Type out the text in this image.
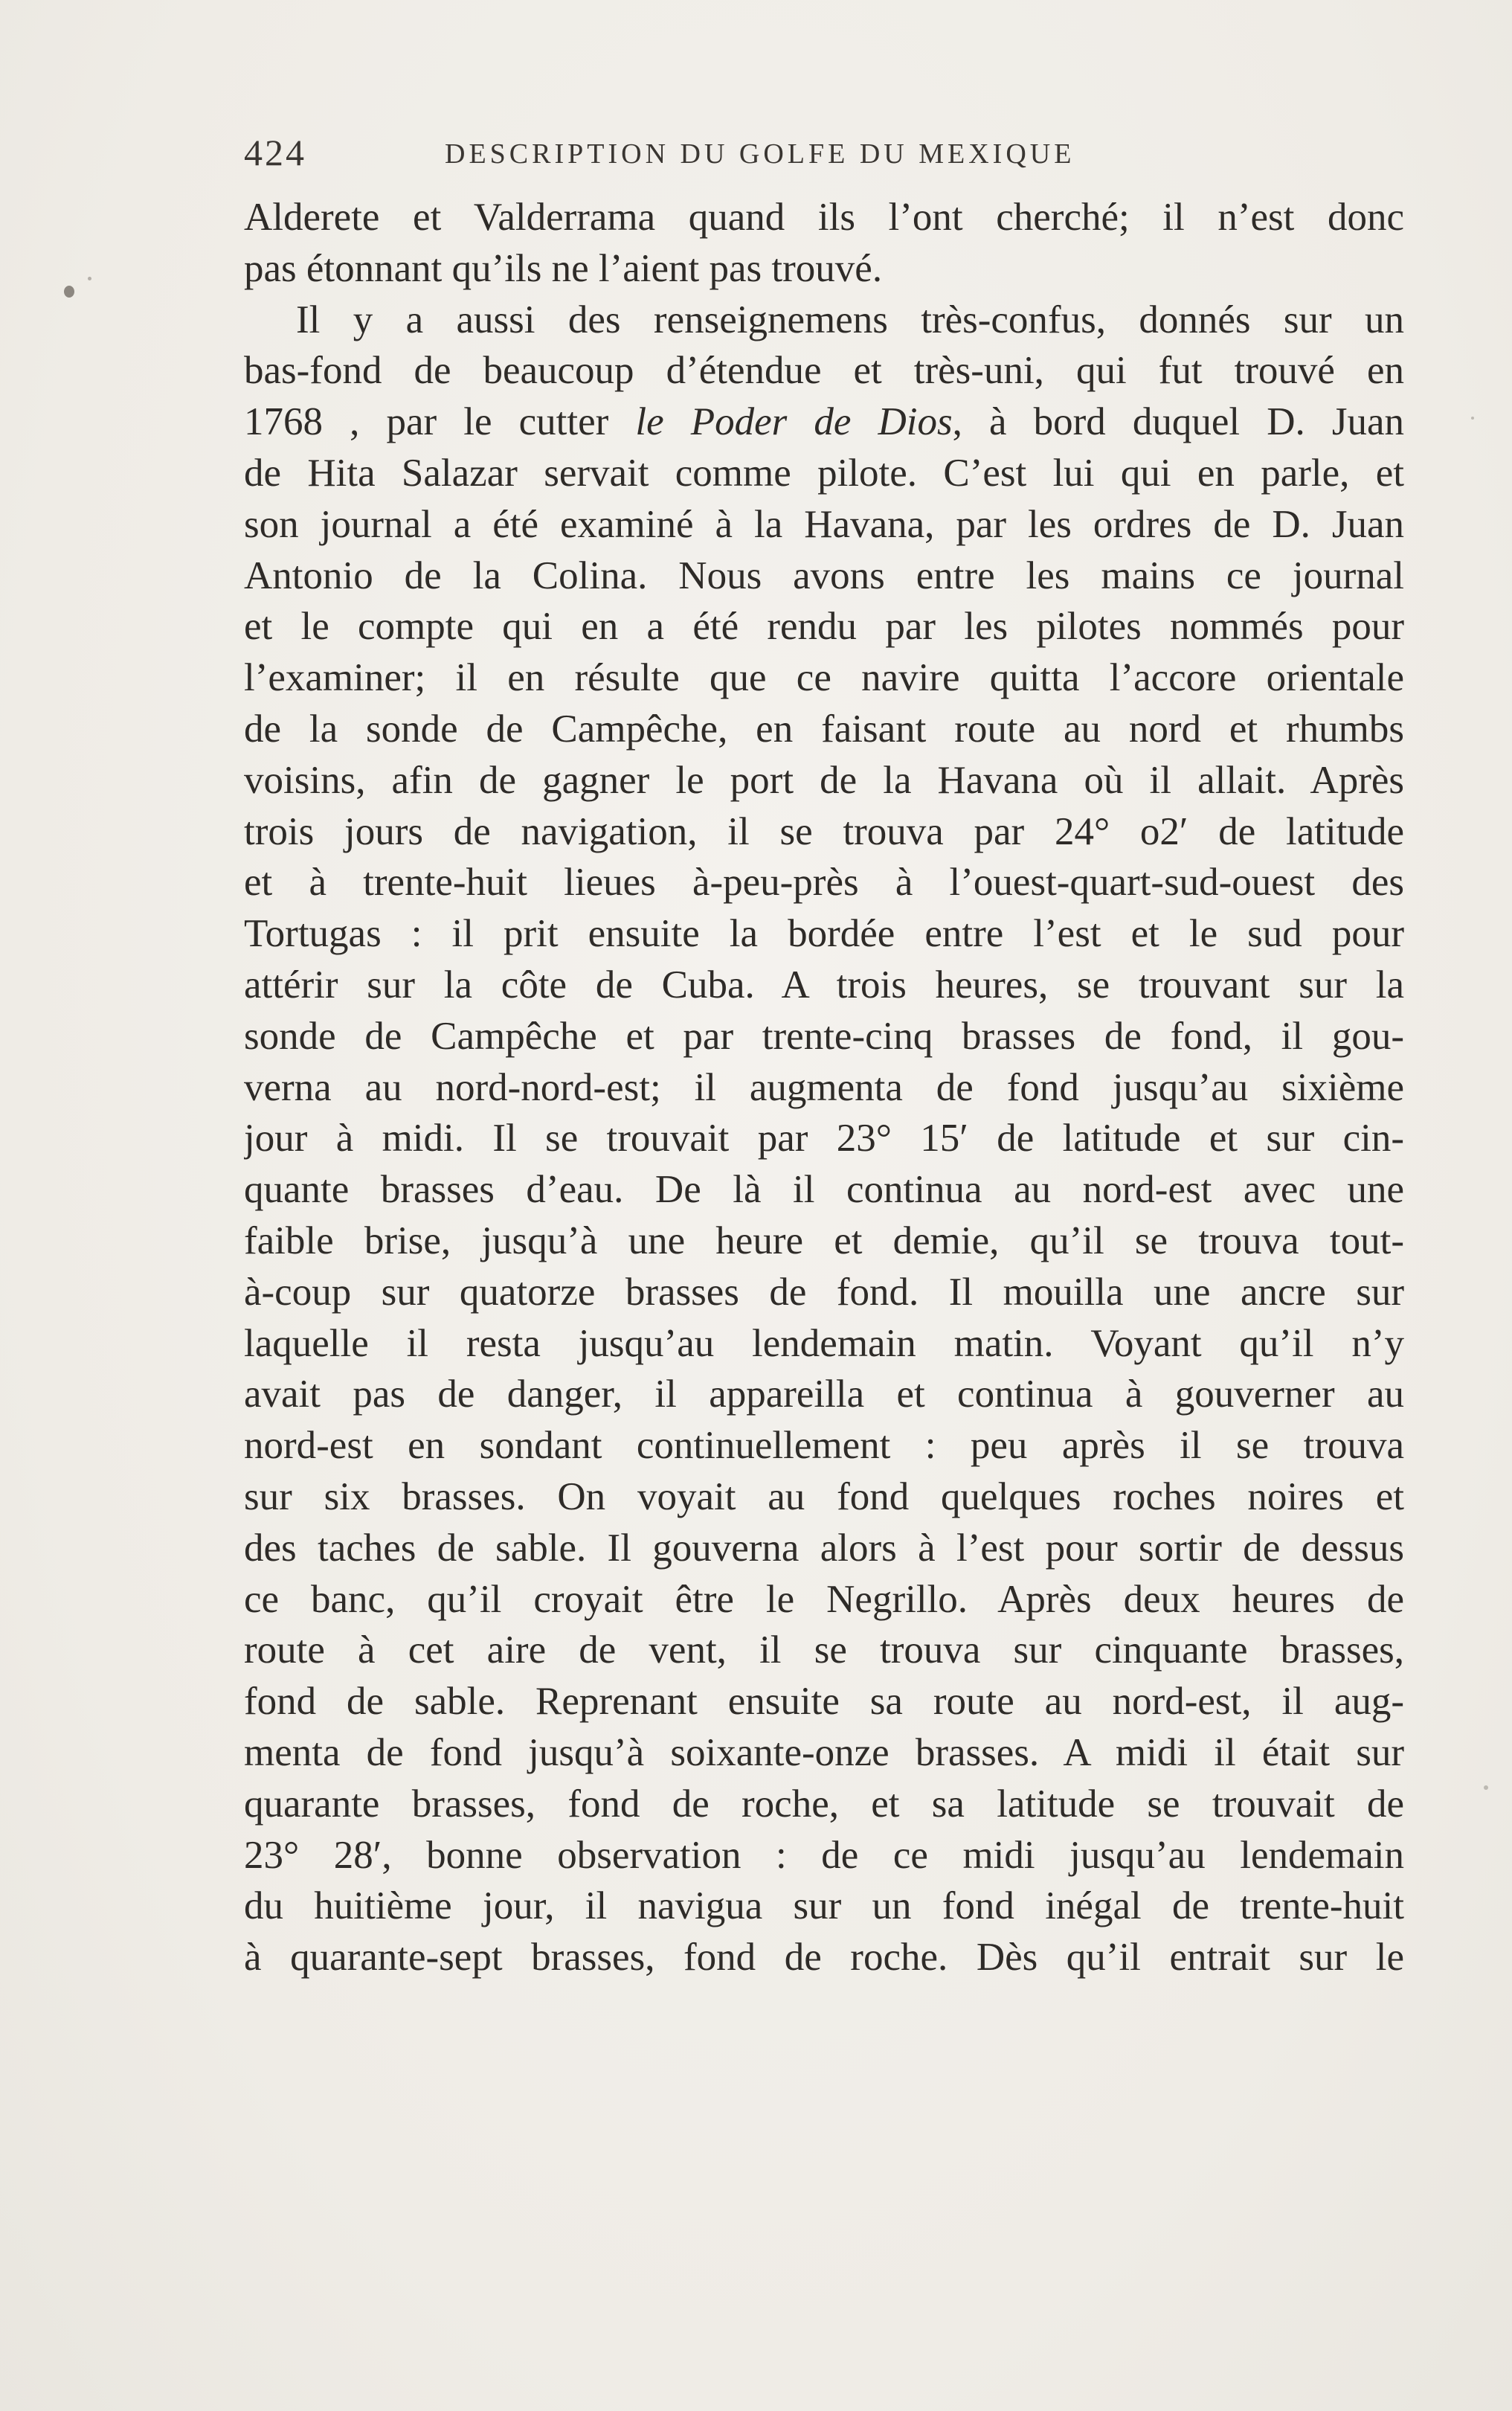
424	DESCRIPTION DU GOLFE DU MEXIQUE
Alderete et Valderrama quand ils l’ont cherché; il n’est donc
pas étonnant qu’ils ne l’aient pas trouvé.
Il y a aussi des renseignemens très-confus, donnés sur un
bas-fond de beaucoup d’étendue et très-uni, qui fut trouvé en
1768 , par le cutter le Poder de Dios, à bord duquel D. Juan
de Hita Salazar servait comme pilote. C’est lui qui en parle, et
son journal a été examiné à la Havana, par les ordres de D. Juan
Antonio de la Colina. Nous avons entre les mains ce journal
et le compte qui en a été rendu par les pilotes nommés pour
l’examiner; il en résulte que ce navire quitta l’accore orientale
de la sonde de Campêche, en faisant route au nord et rhumbs
voisins, afin de gagner le port de la Havana où il allait. Après
trois jours de navigation, il se trouva par 24° o2′ de latitude
et à trente-huit lieues à-peu-près à l’ouest-quart-sud-ouest des
Tortugas : il prit ensuite la bordée entre l’est et le sud pour
attérir sur la côte de Cuba. A trois heures, se trouvant sur la
sonde de Campêche et par trente-cinq brasses de fond, il gou-
verna au nord-nord-est; il augmenta de fond jusqu’au sixième
jour à midi. Il se trouvait par 23° 15′ de latitude et sur cin-
quante brasses d’eau. De là il continua au nord-est avec une
faible brise, jusqu’à une heure et demie, qu’il se trouva tout-
à-coup sur quatorze brasses de fond. Il mouilla une ancre sur
laquelle il resta jusqu’au lendemain matin. Voyant qu’il n’y
avait pas de danger, il appareilla et continua à gouverner au
nord-est en sondant continuellement : peu après il se trouva
sur six brasses. On voyait au fond quelques roches noires et
des taches de sable. Il gouverna alors à l’est pour sortir de dessus
ce banc, qu’il croyait être le Negrillo. Après deux heures de
route à cet aire de vent, il se trouva sur cinquante brasses,
fond de sable. Reprenant ensuite sa route au nord-est, il aug-
menta de fond jusqu’à soixante-onze brasses. A midi il était sur
quarante brasses, fond de roche, et sa latitude se trouvait de
23° 28′, bonne observation : de ce midi jusqu’au lendemain
du huitième jour, il navigua sur un fond inégal de trente-huit
à quarante-sept brasses, fond de roche. Dès qu’il entrait sur le
